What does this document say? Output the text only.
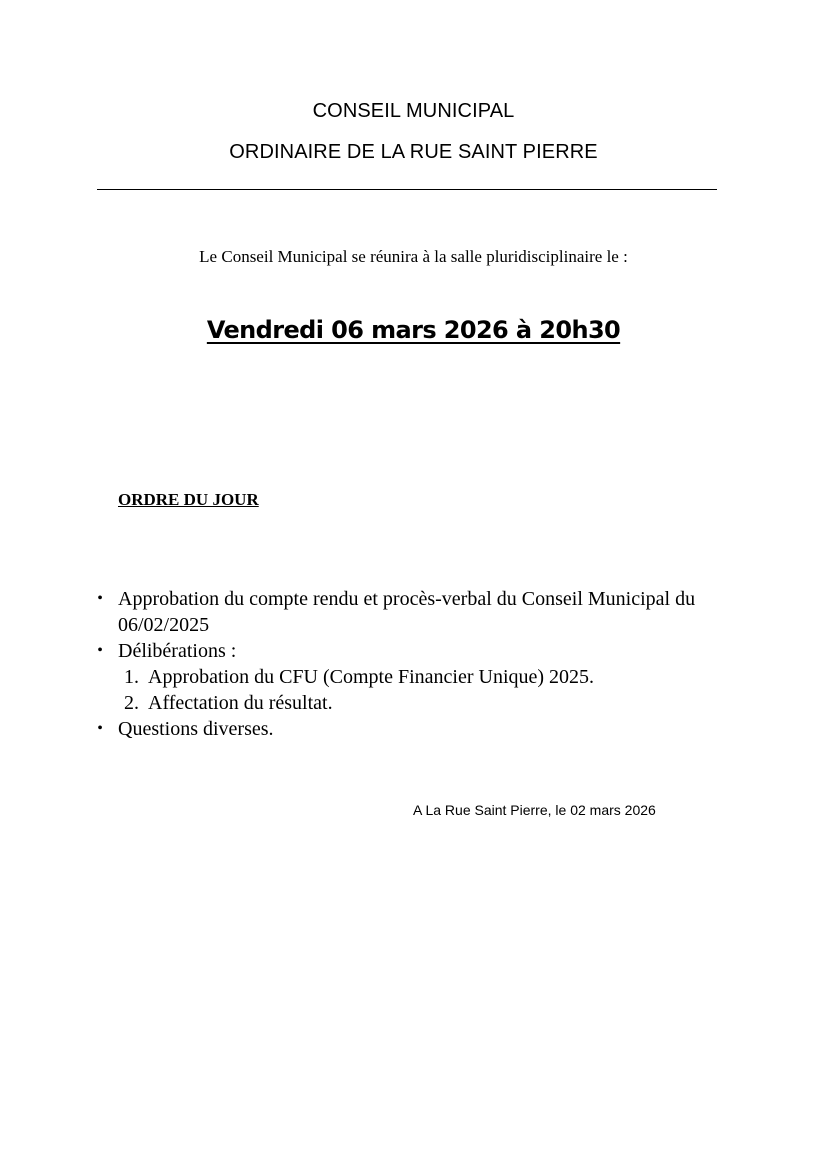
CONSEIL MUNICIPAL
ORDINAIRE DE LA RUE SAINT PIERRE
Le Conseil Municipal se réunira à la salle pluridisciplinaire le :
Vendredi 06 mars 2026 à 20h30
ORDRE DU JOUR
• Approbation du compte rendu et procès-verbal du Conseil Municipal du 06/02/2025
• Délibérations :
1. Approbation du CFU (Compte Financier Unique) 2025.
2. Affectation du résultat.
• Questions diverses.
A La Rue Saint Pierre, le 02 mars 2026
